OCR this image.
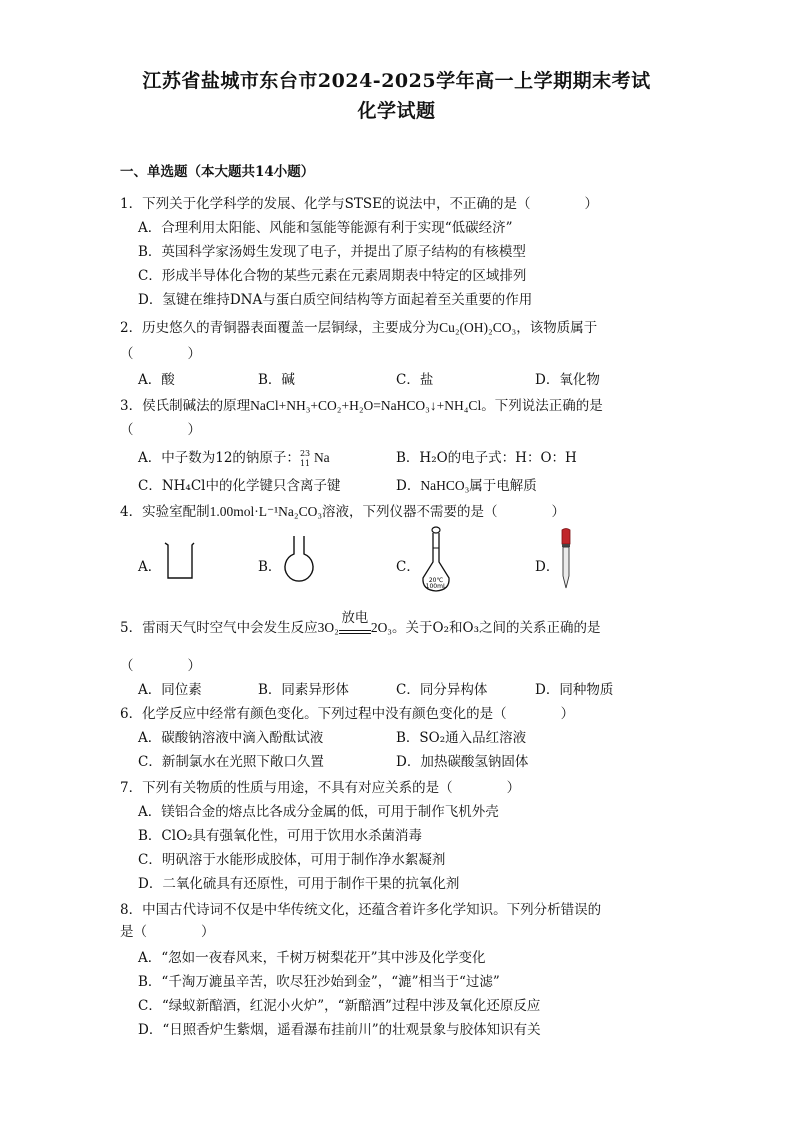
江苏省盐城市东台市2024-2025学年高一上学期期末考试
化学试题
一、单选题（本大题共14小题）
1．下列关于化学科学的发展、化学与STSE的说法中，不正确的是（　　　　）
A．合理利用太阳能、风能和氢能等能源有利于实现“低碳经济”
B．英国科学家汤姆生发现了电子，并提出了原子结构的有核模型
C．形成半导体化合物的某些元素在元素周期表中特定的区域排列
D．氢键在维持DNA与蛋白质空间结构等方面起着至关重要的作用
2．历史悠久的青铜器表面覆盖一层铜绿，主要成分为Cu₂(OH)₂CO₃，该物质属于
（　　　　）
A．酸	B．碱	C．盐	D．氧化物
3．侯氏制碱法的原理NaCl+NH₃+CO₂+H₂O=NaHCO₃↓+NH₄Cl。下列说法正确的是
（　　　　）
A．中子数为12的钠原子： 23
11 Na	B．H₂O的电子式：H：O：H
C．NH₄Cl中的化学键只含离子键	D．NaHCO₃属于电解质
4．实验室配制1.00mol·L⁻¹Na₂CO₃溶液，下列仪器不需要的是（　　　　）
A．	B．	C．	D．
20℃
100mL
5．雷雨天气时空气中会发生反应3O₂
放电
2O₃。关于O₂和O₃之间的关系正确的是
（　　　　）
A．同位素	B．同素异形体	C．同分异构体	D．同种物质
6．化学反应中经常有颜色变化。下列过程中没有颜色变化的是（　　　　）
A．碳酸钠溶液中滴入酚酞试液	B．SO₂通入品红溶液
C．新制氯水在光照下敞口久置	D．加热碳酸氢钠固体
7．下列有关物质的性质与用途，不具有对应关系的是（　　　　）
A．镁铝合金的熔点比各成分金属的低，可用于制作飞机外壳
B．ClO₂具有强氧化性，可用于饮用水杀菌消毒
C．明矾溶于水能形成胶体，可用于制作净水絮凝剂
D．二氧化硫具有还原性，可用于制作干果的抗氧化剂
8．中国古代诗词不仅是中华传统文化，还蕴含着许多化学知识。下列分析错误的
是（　　　　）
A．“忽如一夜春风来，千树万树梨花开”其中涉及化学变化
B．“千淘万漉虽辛苦，吹尽狂沙始到金”，“漉”相当于“过滤”
C．“绿蚁新醅酒，红泥小火炉”，“新醅酒”过程中涉及氧化还原反应
D．“日照香炉生紫烟，遥看瀑布挂前川”的壮观景象与胶体知识有关
